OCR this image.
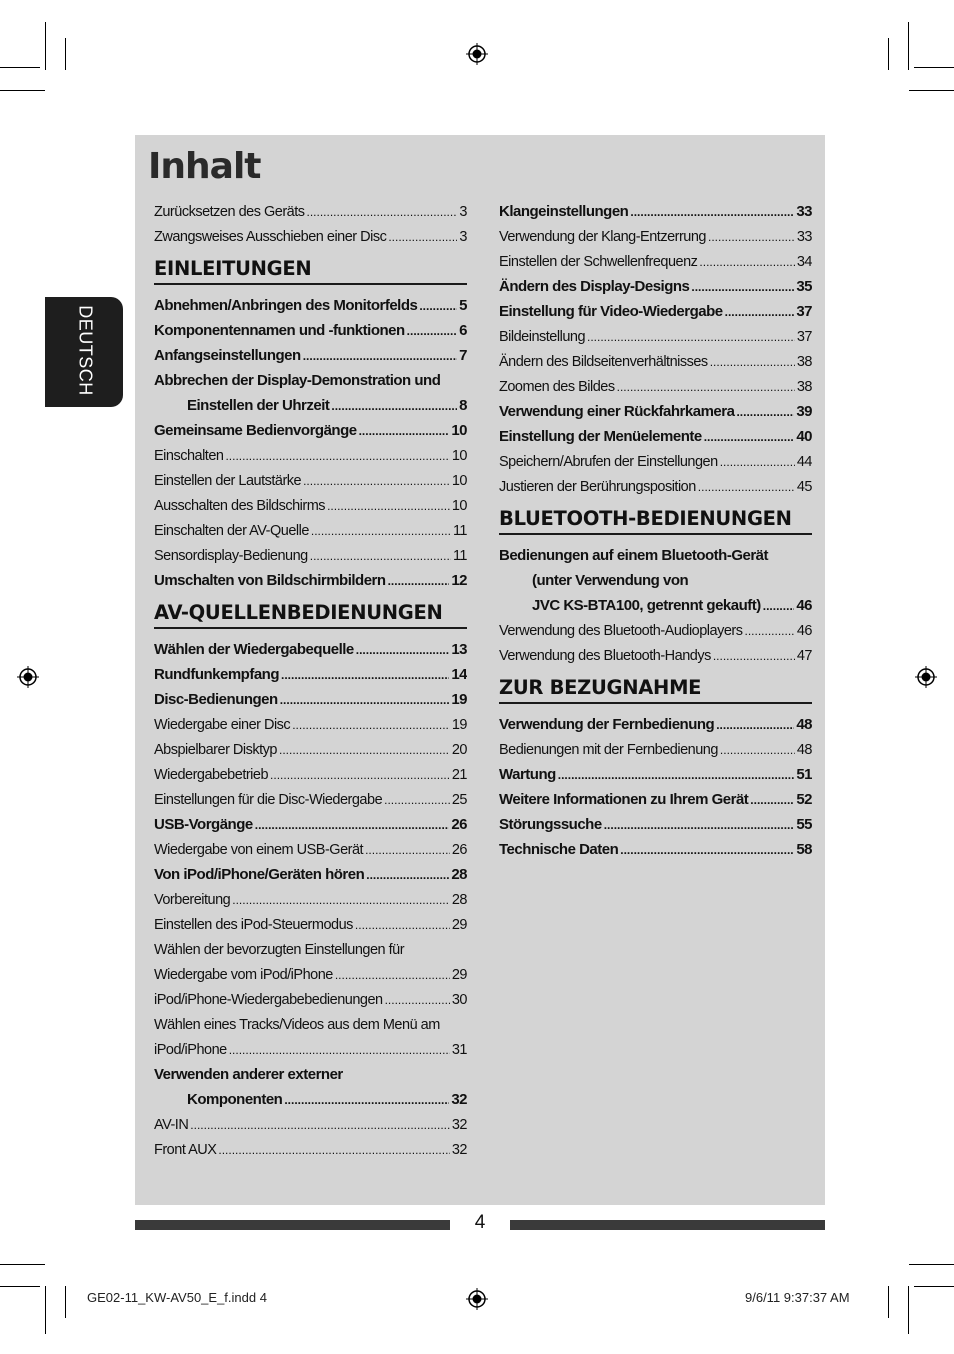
Inhalt
DEUTSCH
Zurücksetzen des Geräts .....	3
Zwangsweises Ausschieben einer Disc .....	3
EINLEITUNGEN
Abnehmen/Anbringen des Monitorfelds .....	5
Komponentennamen und -funktionen .....	6
Anfangseinstellungen .....	7
Abbrechen der Display-Demonstration und
Einstellen der Uhrzeit .....	8
Gemeinsame Bedienvorgänge .....	10
Einschalten .....	10
Einstellen der Lautstärke .....	10
Ausschalten des Bildschirms .....	10
Einschalten der AV-Quelle .....	11
Sensordisplay-Bedienung .....	11
Umschalten von Bildschirmbildern .....	12
AV-QUELLENBEDIENUNGEN
Wählen der Wiedergabequelle .....	13
Rundfunkempfang .....	14
Disc-Bedienungen .....	19
Wiedergabe einer Disc .....	19
Abspielbarer Disktyp .....	20
Wiedergabebetrieb .....	21
Einstellungen für die Disc-Wiedergabe .....	25
USB-Vorgänge .....	26
Wiedergabe von einem USB-Gerät .....	26
Von iPod/iPhone/Geräten hören .....	28
Vorbereitung .....	28
Einstellen des iPod-Steuermodus .....	29
Wählen der bevorzugten Einstellungen für
Wiedergabe vom iPod/iPhone .....	29
iPod/iPhone-Wiedergabebedienungen .....	30
Wählen eines Tracks/Videos aus dem Menü am
iPod/iPhone .....	31
Verwenden anderer externer
Komponenten .....	32
AV-IN .....	32
Front AUX .....	32
Klangeinstellungen .....	33
Verwendung der Klang-Entzerrung .....	33
Einstellen der Schwellenfrequenz .....	34
Ändern des Display-Designs .....	35
Einstellung für Video-Wiedergabe .....	37
Bildeinstellung .....	37
Ändern des Bildseitenverhältnisses .....	38
Zoomen des Bildes .....	38
Verwendung einer Rückfahrkamera .....	39
Einstellung der Menüelemente .....	40
Speichern/Abrufen der Einstellungen .....	44
Justieren der Berührungsposition .....	45
BLUETOOTH-BEDIENUNGEN
Bedienungen auf einem Bluetooth-Gerät
(unter Verwendung von
JVC KS-BTA100, getrennt gekauft) ..... 46
Verwendung des Bluetooth-Audioplayers .....	46
Verwendung des Bluetooth-Handys .....	47
ZUR BEZUGNAHME
Verwendung der Fernbedienung .....	48
Bedienungen mit der Fernbedienung .....	48
Wartung .....	51
Weitere Informationen zu Ihrem Gerät .....	52
Störungssuche .....	55
Technische Daten .....	58
4
GE02-11_KW-AV50_E_f.indd 4	9/6/11 9:37:37 AM
